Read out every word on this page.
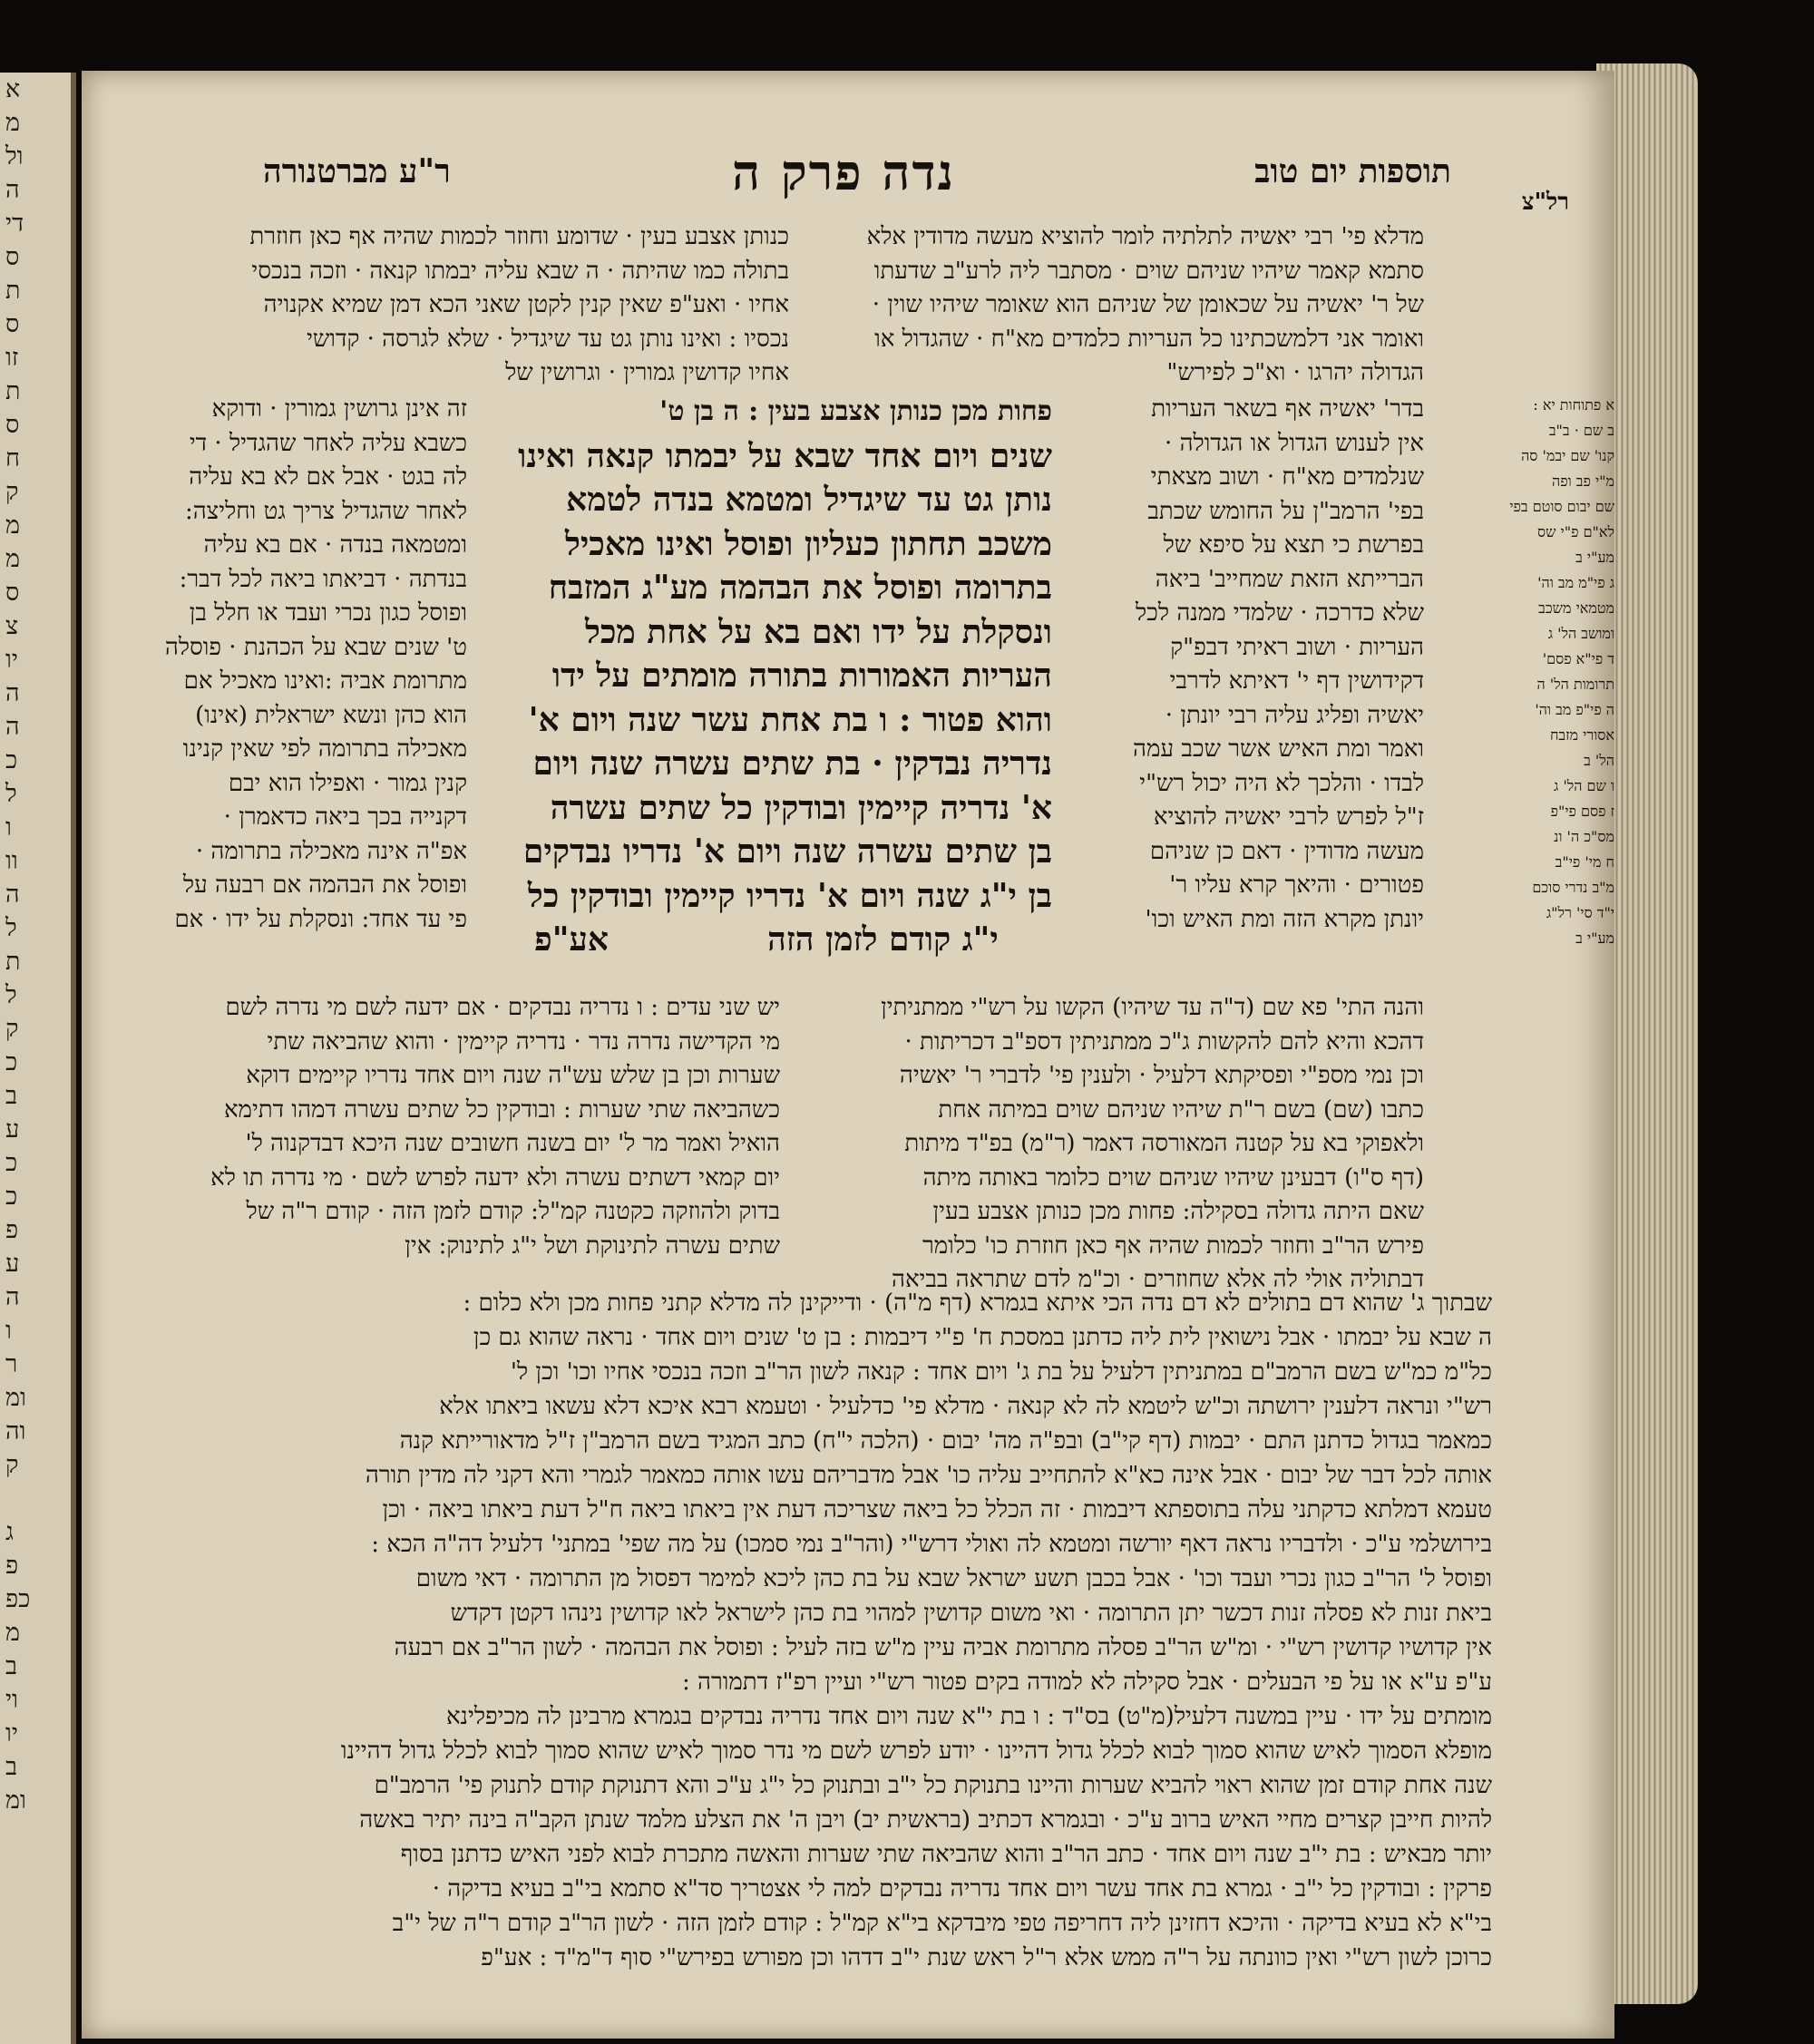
א
מ
ול
ה
די
ס
ת
ס
זו
ת
ס
ח
ק
מ
מ
ס
צ
יו
ה
ה
כ
ל
ו
וו
ה
ל
ת
ל
ק
כ
ב
ע
כ
כ
פ
ע
ה
ו
ר
ומ
וה
ק
ג
פ
כפ
מ
ב
וי
יו
ב
ומ
תוספות יום טוב
נדה פרק ה
ר"ע מברטנורה
רל"צ
מדלא פי' רבי יאשיה לתלתיה לומר להוציא מעשה מדודין אלא
סתמא קאמר שיהיו שניהם שוים · מסתבר ליה לרע"ב שדעתו
של ר' יאשיה על שכאומן של שניהם הוא שאומר שיהיו שוין ·
ואומר אני דלמשכתינו כל העריות כלמדים מא"ח · שהגדול או
הגדולה יהרגו · וא"כ לפירש"
בדר' יאשיה אף בשאר העריות
אין לענוש הגדול או הגדולה ·
שנלמדים מא"ח · ושוב מצאתי
בפי' הרמב"ן על החומש שכתב
בפרשת כי תצא על סיפא של
הברייתא הזאת שמחייב' ביאה
שלא כדרכה · שלמדי ממנה לכל
העריות · ושוב ראיתי דבפ"ק
דקידושין דף י' דאיתא לדרבי
יאשיה ופליג עליה רבי יונתן ·
ואמר ומת האיש אשר שכב עמה
לבדו · והלכך לא היה יכול רש"י
ז"ל לפרש לרבי יאשיה להוציא
מעשה מדודין · דאם כן שניהם
פטורים · והיאך קרא עליו ר'
יונתן מקרא הזה ומת האיש וכו'
והנה התי' פא שם (ד"ה עד שיהיו) הקשו על רש"י ממתניתין
דהכא והיא להם להקשות ג"כ ממתניתין דספ"ב דכריתות ·
וכן נמי מספ"י ופסיקתא דלעיל · ולענין פי' לדברי ר' יאשיה
כתבו (שם) בשם ר"ת שיהיו שניהם שוים במיתה אחת
ולאפוקי בא על קטנה המאורסה דאמר (ר"מ) בפ"ד מיתות
(דף ס"ו) דבעינן שיהיו שניהם שוים כלומר באותה מיתה
שאם היתה גדולה בסקילה: פחות מכן כנותן אצבע בעין
פירש הר"ב וחוזר לכמות שהיה אף כאן חוזרת כו' כלומר
דבתוליה אולי לה אלא שחוזרים · וכ"מ לדם שתראה בביאה
כנותן אצבע בעין · שדומע וחוזר לכמות שהיה אף כאן חוזרת
בתולה כמו שהיתה · ה שבא עליה יבמתו קנאה · וזכה בנכסי
אחיו · ואע"פ שאין קנין לקטן שאני הכא דמן שמיא אקנויה
נכסיו : ואינו נותן גט עד שיגדיל · שלא לגרסה · קדושי
אחיו קדושין גמורין · וגרושין של
זה אינן גרושין גמורין · ודוקא
כשבא עליה לאחר שהגדיל · די
לה בגט · אבל אם לא בא עליה
לאחר שהגדיל צריך גט וחליצה:
ומטמאה בנדה · אם בא עליה
בנדתה · דביאתו ביאה לכל דבר:
ופוסל כגון נכרי ועבד או חלל בן
ט' שנים שבא על הכהנת · פוסלה
מתרומת אביה :ואינו מאכיל אם
הוא כהן ונשא ישראלית (אינו)
מאכילה בתרומה לפי שאין קנינו
קנין גמור · ואפילו הוא יבם
דקנייה בכך ביאה כדאמרן ·
אפ"ה אינה מאכילה בתרומה ·
ופוסל את הבהמה אם רבעה על
פי עד אחד: ונסקלת על ידו · אם
יש שני עדים : ו נדריה נבדקים · אם ידעה לשם מי נדרה לשם
מי הקדישה נדרה נדר · נדריה קיימין · והוא שהביאה שתי
שערות וכן בן שלש עש"ה שנה ויום אחד נדריו קיימים דוקא
כשהביאה שתי שערות : ובודקין כל שתים עשרה דמהו דתימא
הואיל ואמר מר ל' יום בשנה חשובים שנה היכא דבדקנוה ל'
יום קמאי דשתים עשרה ולא ידעה לפרש לשם · מי נדרה תו לא
בדוק ולהוזקה כקטנה קמ"ל: קודם לזמן הזה · קודם ר"ה של
שתים עשרה לתינוקת ושל י"ג לתינוק: אין
פחות מכן כנותן אצבע בעין : ה בן ט'
שנים ויום אחד שבא על יבמתו קנאה ואינו
נותן גט עד שיגדיל ומטמא בנדה לטמא
משכב תחתון כעליון ופוסל ואינו מאכיל
בתרומה ופוסל את הבהמה מע"ג המזבח
ונסקלת על ידו ואם בא על אחת מכל
העריות האמורות בתורה מומתים על ידו
והוא פטור : ו בת אחת עשר שנה ויום א'
נדריה נבדקין · בת שתים עשרה שנה ויום
א' נדריה קיימין ובודקין כל שתים עשרה
בן שתים עשרה שנה ויום א' נדריו נבדקים
בן י"ג שנה ויום א' נדריו קיימין ובודקין כל
י"ג קודם לזמן הזה  אע"פ
א פתוחות יא :
ב שם · ב"ב
קנו' שם יבמ' סה
מ"י פב ופה
שם יבום סוטם בפי
לא"ם פ"י שס
מע"י ב
ג פי"מ מב וה'
מטמאי משכב
ומושב הל' ג
ד פי"א פסם'
תרומות הל' ה
ה פי"פ מב וה'
אסורי מזבח
הל' ב
ו שם הל' ג
ז פסם פי"פ
מס"כ ה' ונ
ח מי' פי"ב
מ"ב נדרי סוכם
י"ד סי' רל"ג
מע"י ב
שבתוך ג' שהוא דם בתולים לא דם נדה הכי איתא בגמרא (דף מ"ה) · ודייקינן לה מדלא קתני פחות מכן ולא כלום :
ה שבא על יבמתו · אבל נישואין לית ליה כדתנן במסכת ח' פ"י דיבמות : בן ט' שנים ויום אחד · נראה שהוא גם כן
כל"מ כמ"ש בשם הרמב"ם במתניתין דלעיל על בת ג' ויום אחד : קנאה לשון הר"ב וזכה בנכסי אחיו וכו' וכן ל'
רש"י ונראה דלענין ירושתה וכ"ש ליטמא לה לא קנאה · מדלא פי' כדלעיל · וטעמא רבא איכא דלא עשאו ביאתו אלא
כמאמר בגדול כדתנן התם · יבמות (דף קי"ב) ובפ"ה מה' יבום · (הלכה י"ח) כתב המגיד בשם הרמב"ן ז"ל מדאורייתא קנה
אותה לכל דבר של יבום · אבל אינה כא"א להתחייב עליה כו' אבל מדבריהם עשו אותה כמאמר לגמרי והא דקני לה מדין תורה
טעמא דמלתא כדקתני עלה בתוספתא דיבמות · זה הכלל כל ביאה שצריכה דעת אין ביאתו ביאה ח"ל דעת ביאתו ביאה · וכן
בירושלמי ע"כ · ולדבריו נראה דאף יורשה ומטמא לה ואולי דרש"י (והר"ב נמי סמכו) על מה שפי' במתני' דלעיל דה"ה הכא :
ופוסל ל' הר"ב כגון נכרי ועבד וכו' · אבל בכבן תשע ישראל שבא על בת כהן ליכא למימר דפסול מן התרומה · דאי משום
ביאת זנות לא פסלה זנות דכשר יתן התרומה · ואי משום קדושין למהוי בת כהן לישראל לאו קדושין נינהו דקטן דקדש
אין קדושיו קדושין רש"י · ומ"ש הר"ב פסלה מתרומת אביה עיין מ"ש בזה לעיל : ופוסל את הבהמה · לשון הר"ב אם רבעה
ע"פ ע"א או על פי הבעלים · אבל סקילה לא למודה בקים פטור רש"י ועיין רפ"ז דתמורה :
מומתים על ידו · עיין במשנה דלעיל(מ"ט) בס"ד : ו בת י"א שנה ויום אחד נדריה נבדקים בגמרא מרבינן לה מכיפלינא
מופלא הסמוך לאיש שהוא סמוך לבוא לכלל גדול דהיינו · יודע לפרש לשם מי נדר סמוך לאיש שהוא סמוך לבוא לכלל גדול דהיינו
שנה אחת קודם זמן שהוא ראוי להביא שערות והיינו בתנוקת כל י"ב ובתנוק כל י"ג ע"כ והא דתנוקת קודם לתנוק פי' הרמב"ם
להיות חייבן קצרים מחיי האיש ברוב ע"כ · ובגמרא דכתיב (בראשית יב) ויבן ה' את הצלע מלמד שנתן הקב"ה בינה יתיר באשה
יותר מבאיש : בת י"ב שנה ויום אחד · כתב הר"ב והוא שהביאה שתי שערות והאשה מתכרת לבוא לפני האיש כדתנן בסוף
פרקין : ובודקין כל י"ב · גמרא בת אחד עשר ויום אחד נדריה נבדקים למה לי אצטריך סד"א סתמא בי"ב בעיא בדיקה ·
בי"א לא בעיא בדיקה · והיכא דחזינן ליה דחריפה טפי מיבדקא בי"א קמ"ל : קודם לזמן הזה · לשון הר"ב קודם ר"ה של י"ב
כרוכן לשון רש"י ואין כוונתה על ר"ה ממש אלא ר"ל ראש שנת י"ב דדהו וכן מפורש בפירש"י סוף ד"מ"ד : אע"פ
